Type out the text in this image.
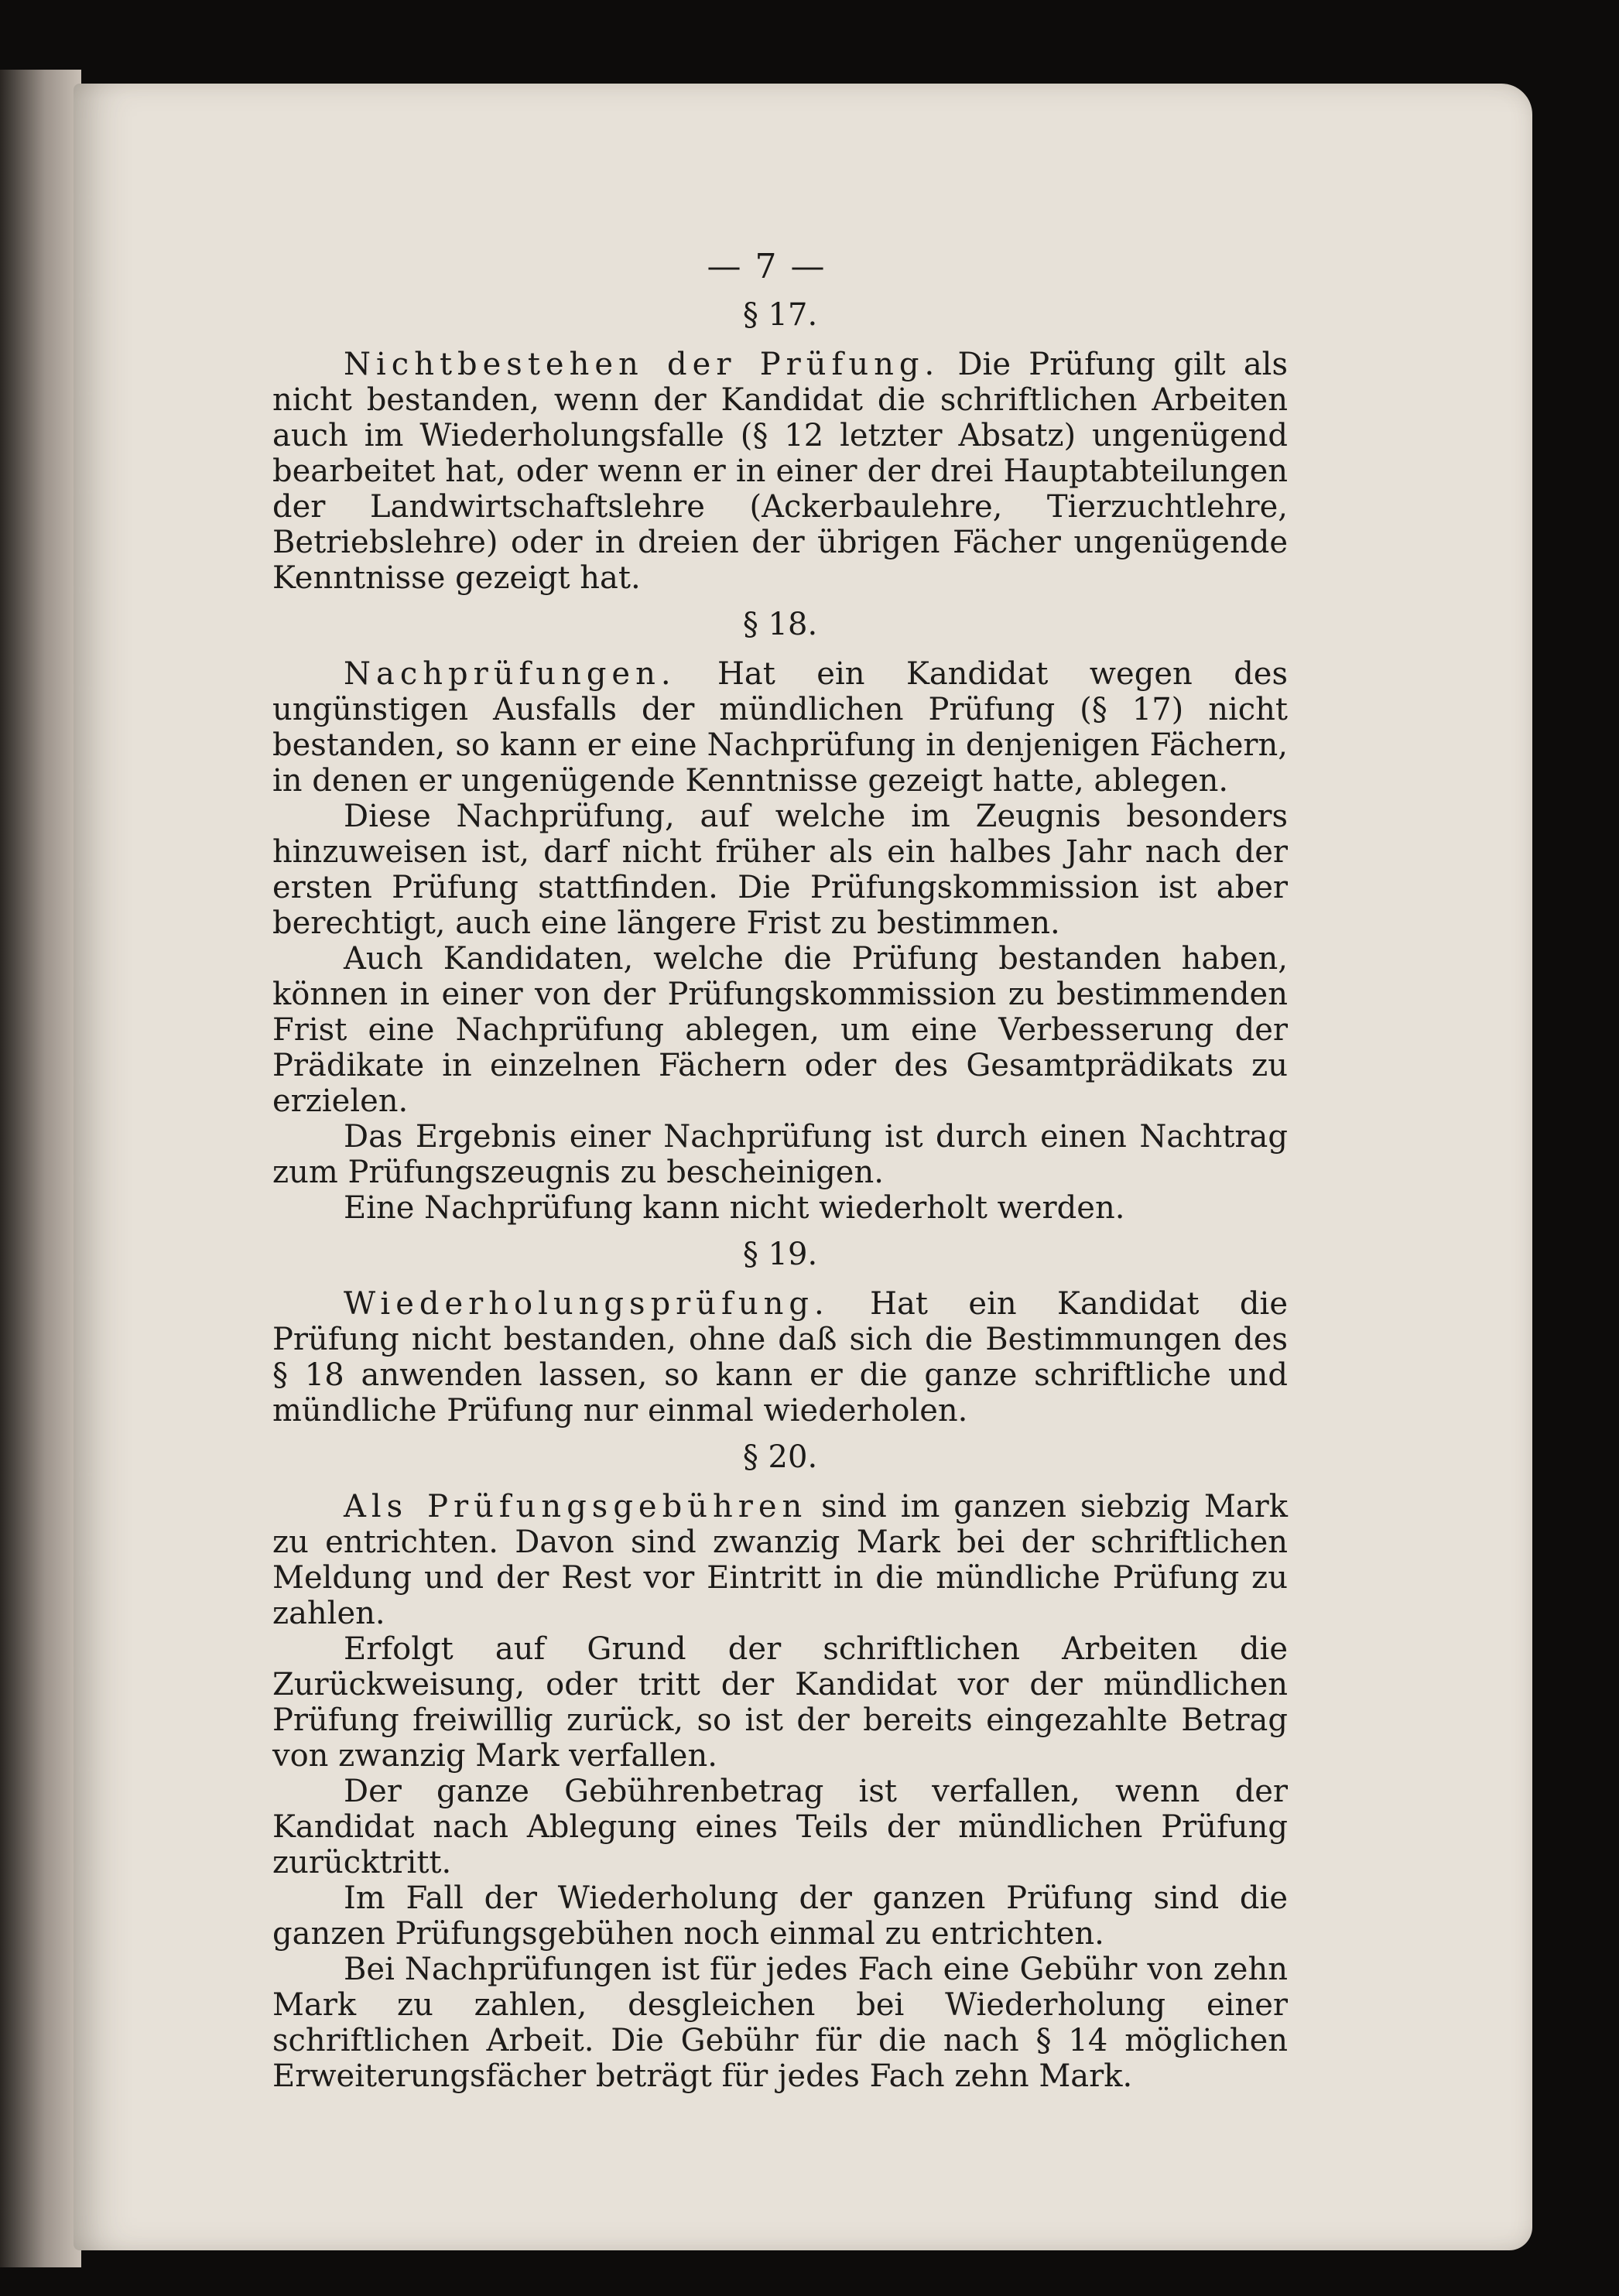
— 7 —
§ 17.

Nichtbestehen der Prüfung. Die Prüfung gilt als nicht bestanden, wenn der Kandidat die schriftlichen Arbeiten auch im Wiederholungsfalle (§ 12 letzter Absatz) ungenügend bearbeitet hat, oder wenn er in einer der drei Hauptabteilungen der Landwirtschaftslehre (Ackerbaulehre, Tierzuchtlehre, Betriebslehre) oder in dreien der übrigen Fächer ungenügende Kenntnisse gezeigt hat.

§ 18.

Nachprüfungen. Hat ein Kandidat wegen des ungünstigen Ausfalls der mündlichen Prüfung (§ 17) nicht bestanden, so kann er eine Nachprüfung in denjenigen Fächern, in denen er ungenügende Kenntnisse gezeigt hatte, ablegen.

Diese Nachprüfung, auf welche im Zeugnis besonders hinzuweisen ist, darf nicht früher als ein halbes Jahr nach der ersten Prüfung stattfinden. Die Prüfungskommission ist aber berechtigt, auch eine längere Frist zu bestimmen.

Auch Kandidaten, welche die Prüfung bestanden haben, können in einer von der Prüfungskommission zu bestimmenden Frist eine Nachprüfung ablegen, um eine Verbesserung der Prädikate in einzelnen Fächern oder des Gesamtprädikats zu erzielen.

Das Ergebnis einer Nachprüfung ist durch einen Nachtrag zum Prüfungszeugnis zu bescheinigen.

Eine Nachprüfung kann nicht wiederholt werden.

§ 19.

Wiederholungsprüfung. Hat ein Kandidat die Prüfung nicht bestanden, ohne daß sich die Bestimmungen des § 18 anwenden lassen, so kann er die ganze schriftliche und mündliche Prüfung nur einmal wiederholen.

§ 20.

Als Prüfungsgebühren sind im ganzen siebzig Mark zu entrichten. Davon sind zwanzig Mark bei der schriftlichen Meldung und der Rest vor Eintritt in die mündliche Prüfung zu zahlen.

Erfolgt auf Grund der schriftlichen Arbeiten die Zurückweisung, oder tritt der Kandidat vor der mündlichen Prüfung freiwillig zurück, so ist der bereits eingezahlte Betrag von zwanzig Mark verfallen.

Der ganze Gebührenbetrag ist verfallen, wenn der Kandidat nach Ablegung eines Teils der mündlichen Prüfung zurücktritt.

Im Fall der Wiederholung der ganzen Prüfung sind die ganzen Prüfungsgebühen noch einmal zu entrichten.

Bei Nachprüfungen ist für jedes Fach eine Gebühr von zehn Mark zu zahlen, desgleichen bei Wiederholung einer schriftlichen Arbeit. Die Gebühr für die nach § 14 möglichen Erweiterungsfächer beträgt für jedes Fach zehn Mark.
